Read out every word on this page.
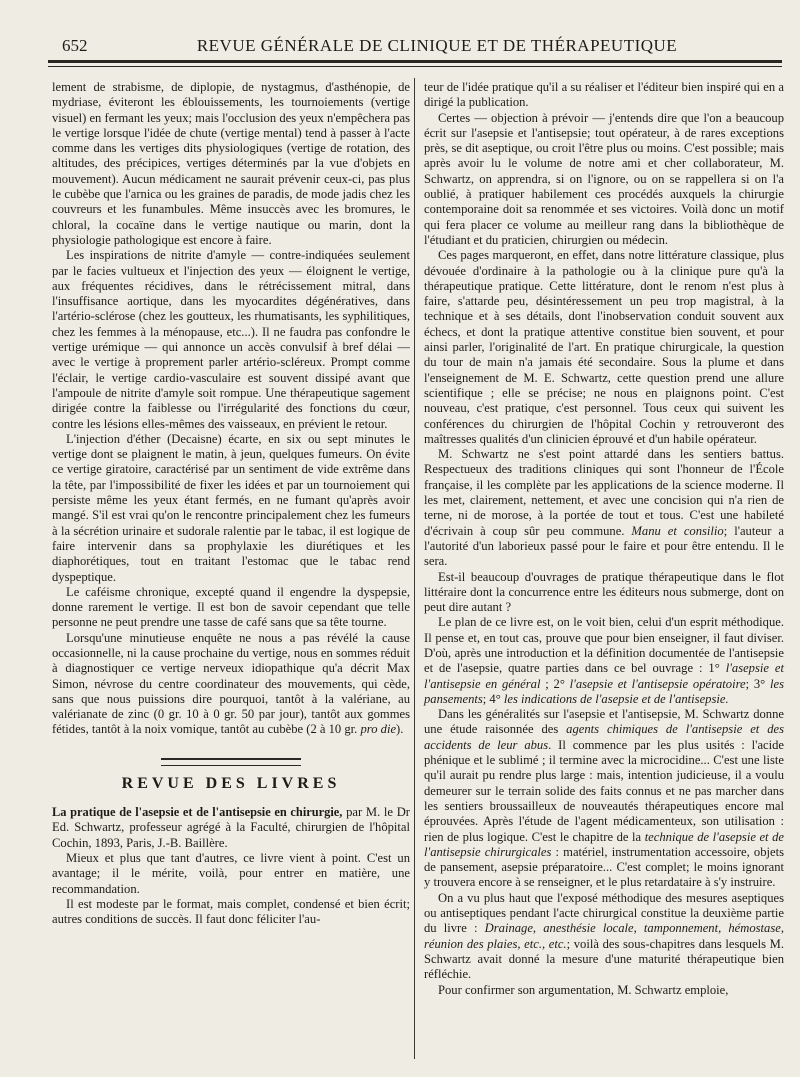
652	REVUE GÉNÉRALE DE CLINIQUE ET DE THÉRAPEUTIQUE

lement de strabisme, de diplopie, de nystagmus, d'asthénopie, de mydriase, éviteront les éblouissements, les tournoiements (vertige visuel) en fermant les yeux; mais l'occlusion des yeux n'empêchera pas le vertige lorsque l'idée de chute (vertige mental) tend à passer à l'acte comme dans les vertiges dits physiologiques (vertige de rotation, des altitudes, des précipices, vertiges déterminés par la vue d'objets en mouvement). Aucun médicament ne saurait prévenir ceux-ci, pas plus le cubèbe que l'arnica ou les graines de paradis, de mode jadis chez les couvreurs et les funambules. Même insuccès avec les bromures, le chloral, la cocaïne dans le vertige nautique ou marin, dont la physiologie pathologique est encore à faire.

Les inspirations de nitrite d'amyle — contre-indiquées seulement par le facies vultueux et l'injection des yeux — éloignent le vertige, aux fréquentes récidives, dans le rétrécissement mitral, dans l'insuffisance aortique, dans les myocardites dégénératives, dans l'artério-sclérose (chez les goutteux, les rhumatisants, les syphilitiques, chez les femmes à la ménopause, etc...). Il ne faudra pas confondre le vertige urémique — qui annonce un accès convulsif à bref délai — avec le vertige à proprement parler artério-scléreux. Prompt comme l'éclair, le vertige cardio-vasculaire est souvent dissipé avant que l'ampoule de nitrite d'amyle soit rompue. Une thérapeutique sagement dirigée contre la faiblesse ou l'irrégularité des fonctions du cœur, contre les lésions elles-mêmes des vaisseaux, en prévient le retour.

L'injection d'éther (Decaisne) écarte, en six ou sept minutes le vertige dont se plaignent le matin, à jeun, quelques fumeurs. On évite ce vertige giratoire, caractérisé par un sentiment de vide extrême dans la tête, par l'impossibilité de fixer les idées et par un tournoiement qui persiste même les yeux étant fermés, en ne fumant qu'après avoir mangé. S'il est vrai qu'on le rencontre principalement chez les fumeurs à la sécrétion urinaire et sudorale ralentie par le tabac, il est logique de faire intervenir dans sa prophylaxie les diurétiques et les diaphorétiques, tout en traitant l'estomac que le tabac rend dyspeptique.

Le caféisme chronique, excepté quand il engendre la dyspepsie, donne rarement le vertige. Il est bon de savoir cependant que telle personne ne peut prendre une tasse de café sans que sa tête tourne.

Lorsqu'une minutieuse enquête ne nous a pas révélé la cause occasionnelle, ni la cause prochaine du vertige, nous en sommes réduit à diagnostiquer ce vertige nerveux idiopathique qu'a décrit Max Simon, névrose du centre coordinateur des mouvements, qui cède, sans que nous puissions dire pourquoi, tantôt à la valériane, au valérianate de zinc (0 gr. 10 à 0 gr. 50 par jour), tantôt aux gommes fétides, tantôt à la noix vomique, tantôt au cubèbe (2 à 10 gr. pro die).

REVUE DES LIVRES

La pratique de l'asepsie et de l'antisepsie en chirurgie, par M. le Dr Ed. Schwartz, professeur agrégé à la Faculté, chirurgien de l'hôpital Cochin, 1893, Paris, J.-B. Baillère.

Mieux et plus que tant d'autres, ce livre vient à point. C'est un avantage; il le mérite, voilà, pour entrer en matière, une recommandation.

Il est modeste par le format, mais complet, condensé et bien écrit; autres conditions de succès. Il faut donc féliciter l'au-

teur de l'idée pratique qu'il a su réaliser et l'éditeur bien inspiré qui en a dirigé la publication.

Certes — objection à prévoir — j'entends dire que l'on a beaucoup écrit sur l'asepsie et l'antisepsie; tout opérateur, à de rares exceptions près, se dit aseptique, ou croit l'être plus ou moins. C'est possible; mais après avoir lu le volume de notre ami et cher collaborateur, M. Schwartz, on apprendra, si on l'ignore, ou on se rappellera si on l'a oublié, à pratiquer habilement ces procédés auxquels la chirurgie contemporaine doit sa renommée et ses victoires. Voilà donc un motif qui fera placer ce volume au meilleur rang dans la bibliothèque de l'étudiant et du praticien, chirurgien ou médecin.

Ces pages marqueront, en effet, dans notre littérature classique, plus dévouée d'ordinaire à la pathologie ou à la clinique pure qu'à la thérapeutique pratique. Cette littérature, dont le renom n'est plus à faire, s'attarde peu, désintéressement un peu trop magistral, à la technique et à ses détails, dont l'inobservation conduit souvent aux échecs, et dont la pratique attentive constitue bien souvent, et pour ainsi parler, l'originalité de l'art. En pratique chirurgicale, la question du tour de main n'a jamais été secondaire. Sous la plume et dans l'enseignement de M. E. Schwartz, cette question prend une allure scientifique ; elle se précise; ne nous en plaignons point. C'est nouveau, c'est pratique, c'est personnel. Tous ceux qui suivent les conférences du chirurgien de l'hôpital Cochin y retrouveront des maîtresses qualités d'un clinicien éprouvé et d'un habile opérateur.

M. Schwartz ne s'est point attardé dans les sentiers battus. Respectueux des traditions cliniques qui sont l'honneur de l'École française, il les complète par les applications de la science moderne. Il les met, clairement, nettement, et avec une concision qui n'a rien de terne, ni de morose, à la portée de tout et tous. C'est une habileté d'écrivain à coup sûr peu commune. Manu et consilio; l'auteur a l'autorité d'un laborieux passé pour le faire et pour être entendu. Il le sera.

Est-il beaucoup d'ouvrages de pratique thérapeutique dans le flot littéraire dont la concurrence entre les éditeurs nous submerge, dont on peut dire autant ?

Le plan de ce livre est, on le voit bien, celui d'un esprit méthodique. Il pense et, en tout cas, prouve que pour bien enseigner, il faut diviser. D'où, après une introduction et la définition documentée de l'antisepsie et de l'asepsie, quatre parties dans ce bel ouvrage : 1° l'asepsie et l'antisepsie en général ; 2° l'asepsie et l'antisepsie opératoire; 3° les pansements; 4° les indications de l'asepsie et de l'antisepsie.

Dans les généralités sur l'asepsie et l'antisepsie, M. Schwartz donne une étude raisonnée des agents chimiques de l'antisepsie et des accidents de leur abus. Il commence par les plus usités : l'acide phénique et le sublimé ; il termine avec la microcidine... C'est une liste qu'il aurait pu rendre plus large : mais, intention judicieuse, il a voulu demeurer sur le terrain solide des faits connus et ne pas marcher dans les sentiers broussailleux de nouveautés thérapeutiques encore mal éprouvées. Après l'étude de l'agent médicamenteux, son utilisation : rien de plus logique. C'est le chapitre de la technique de l'asepsie et de l'antisepsie chirurgicales : matériel, instrumentation accessoire, objets de pansement, asepsie préparatoire... C'est complet; le moins ignorant y trouvera encore à se renseigner, et le plus retardataire à s'y instruire.

On a vu plus haut que l'exposé méthodique des mesures aseptiques ou antiseptiques pendant l'acte chirurgical constitue la deuxième partie du livre : Drainage, anesthésie locale, tamponnement, hémostase, réunion des plaies, etc., etc.; voilà des sous-chapitres dans lesquels M. Schwartz avait donné la mesure d'une maturité thérapeutique bien réfléchie.

Pour confirmer son argumentation, M. Schwartz emploie,
